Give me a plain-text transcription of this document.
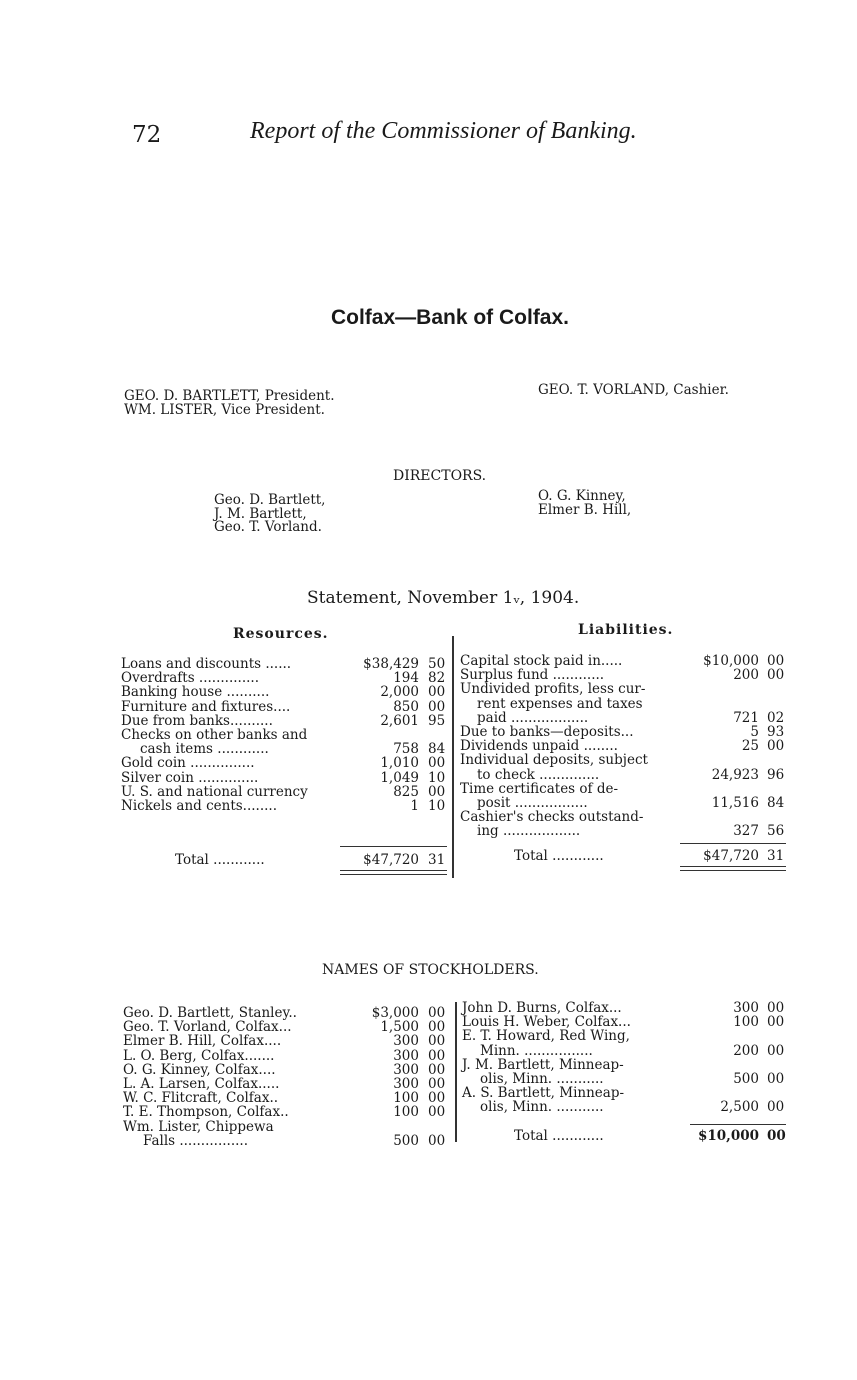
72	Report of the Commissioner of Banking.
Colfax—Bank of Colfax.
GEO. D. BARTLETT, President.
WM. LISTER, Vice President.
GEO. T. VORLAND, Cashier.
DIRECTORS.
Geo. D. Bartlett,
J. M. Bartlett,
Geo. T. Vorland.
O. G. Kinney,
Elmer B. Hill,
Statement, November 1ᵥ, 1904.
Resources.	Liabilities.
Loans and discounts ......	$38,429 50
Overdrafts ..............	194 82
Banking house ..........	2,000 00
Furniture and fixtures....	850 00
Due from banks..........	2,601 95
Checks on other banks and
cash items ............	758 84
Gold coin ...............	1,010 00
Silver coin ..............	1,049 10
U. S. and national currency	825 00
Nickels and cents........	1 10
Total ............	$47,720 31
Capital stock paid in.....	$10,000 00
Surplus fund ............	200 00
Undivided profits, less cur-
rent expenses and taxes
paid ..................	721 02
Due to banks—deposits...	5 93
Dividends unpaid ........	25 00
Individual deposits, subject
to check ..............	24,923 96
Time certificates of de-
posit .................	11,516 84
Cashier's checks outstand-
ing ..................	327 56
Total ............	$47,720 31
NAMES OF STOCKHOLDERS.
Geo. D. Bartlett, Stanley..	$3,000 00
Geo. T. Vorland, Colfax...	1,500 00
Elmer B. Hill, Colfax....	300 00
L. O. Berg, Colfax.......	300 00
O. G. Kinney, Colfax....	300 00
L. A. Larsen, Colfax.....	300 00
W. C. Flitcraft, Colfax..	100 00
T. E. Thompson, Colfax..	100 00
Wm. Lister, Chippewa
Falls ................	500 00
John D. Burns, Colfax...	300 00
Louis H. Weber, Colfax...	100 00
E. T. Howard, Red Wing,
Minn. ................	200 00
J. M. Bartlett, Minneap-
olis, Minn. ...........	500 00
A. S. Bartlett, Minneap-
olis, Minn. ...........	2,500 00
Total ............	$10,000 00
